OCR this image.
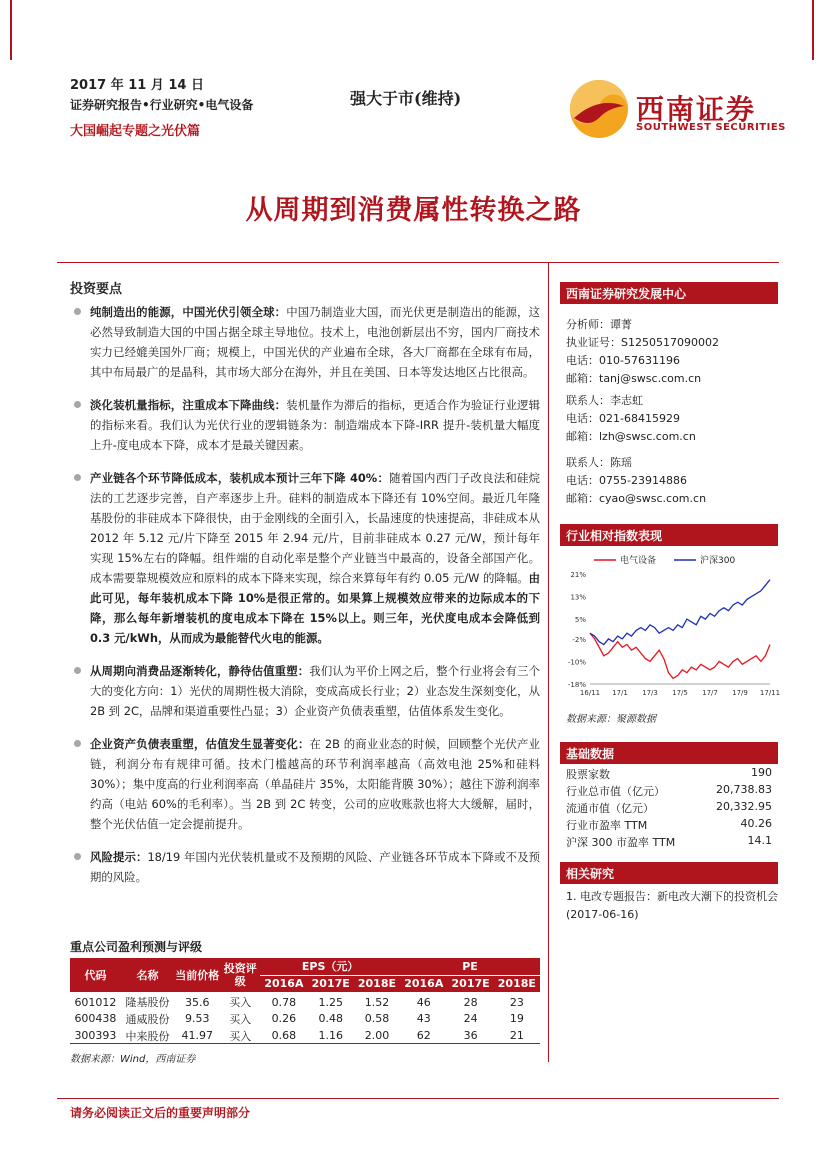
2017 年 11 月 14 日
证券研究报告•行业研究•电气设备
大国崛起专题之光伏篇
强大于市(维持)	西南证券
SOUTHWEST SECURITIES
从周期到消费属性转换之路
投资要点
纯制造出的能源，中国光伏引领全球：中国乃制造业大国，而光伏更是制造出的能源，这必然导致制造大国的中国占据全球主导地位。技术上，电池创新层出不穷，国内厂商技术实力已经媲美国外厂商；规模上，中国光伏的产业遍布全球，各大厂商都在全球有布局，其中布局最广的是晶科，其市场大部分在海外，并且在美国、日本等发达地区占比很高。
淡化装机量指标，注重成本下降曲线：装机量作为滞后的指标，更适合作为验证行业逻辑的指标来看。我们认为光伏行业的逻辑链条为：制造端成本下降-IRR 提升-装机量大幅度上升-度电成本下降，成本才是最关键因素。
产业链各个环节降低成本，装机成本预计三年下降 40%：随着国内西门子改良法和硅烷法的工艺逐步完善，自产率逐步上升。硅料的制造成本下降还有 10%空间。最近几年隆基股份的非硅成本下降很快，由于金刚线的全面引入，长晶速度的快速提高，非硅成本从 2012 年 5.12 元/片下降至 2015 年 2.94 元/片，目前非硅成本 0.27 元/W，预计每年实现 15%左右的降幅。组件端的自动化率是整个产业链当中最高的，设备全部国产化。成本需要靠规模效应和原料的成本下降来实现，综合来算每年有约 0.05 元/W 的降幅。由此可见，每年装机成本下降 10%是很正常的。如果算上规模效应带来的边际成本的下降，那么每年新增装机的度电成本下降在 15%以上。则三年，光伏度电成本会降低到 0.3 元/kWh，从而成为最能替代火电的能源。
从周期向消费品逐渐转化，静待估值重塑：我们认为平价上网之后，整个行业将会有三个大的变化方向：1）光伏的周期性极大消除，变成高成长行业；2）业态发生深刻变化，从 2B 到 2C，品牌和渠道重要性凸显；3）企业资产负债表重塑，估值体系发生变化。
企业资产负债表重塑，估值发生显著变化：在 2B 的商业业态的时候，回顾整个光伏产业链，利润分布有规律可循。技术门槛越高的环节利润率越高（高效电池 25%和硅料 30%）；集中度高的行业利润率高（单晶硅片 35%，太阳能背膜 30%）；越往下游利润率约高（电站 60%的毛利率）。当 2B 到 2C 转变，公司的应收账款也将大大缓解，届时，整个光伏估值一定会提前提升。
风险提示：18/19 年国内光伏装机量或不及预期的风险、产业链各环节成本下降或不及预期的风险。
重点公司盈利预测与评级
代码	名称	当前价格	投资评级	EPS（元）			PE		
				2016A	2017E	2018E	2016A	2017E	2018E
601012	隆基股份	35.6	买入	0.78	1.25	1.52	46	28	23
600438	通威股份	9.53	买入	0.26	0.48	0.58	43	24	19
300393	中来股份	41.97	买入	0.68	1.16	2.00	62	36	21
数据来源：Wind，西南证券
西南证券研究发展中心
分析师：谭菁
执业证号：S1250517090002
电话：010-57631196
邮箱：tanj@swsc.com.cn
联系人：李志虹
电话：021-68415929
邮箱：lzh@swsc.com.cn
联系人：陈瑶
电话：0755-23914886
邮箱：cyao@swsc.com.cn
行业相对指数表现
电气设备	沪深300
21%
13%
5%
-2%
-10%
-18%
16/11 17/1 17/3 17/5 17/7 17/9 17/11
数据来源：聚源数据
基础数据
股票家数	190
行业总市值（亿元）	20,738.83
流通市值（亿元）	20,332.95
行业市盈率 TTM	40.26
沪深 300 市盈率 TTM	14.1
相关研究
1. 电改专题报告：新电改大潮下的投资机会 (2017-06-16)
请务必阅读正文后的重要声明部分
